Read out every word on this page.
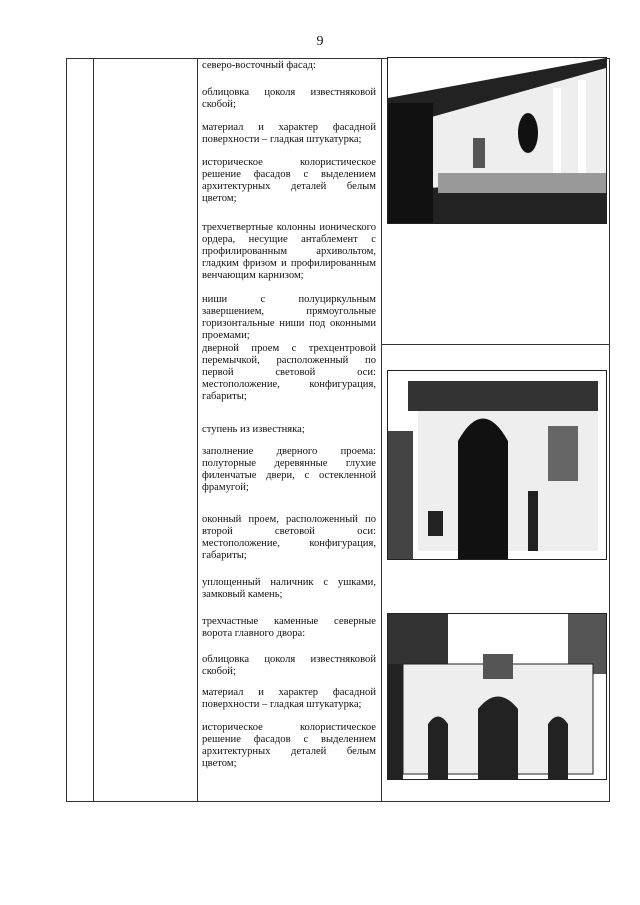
9
северо-восточный фасад:
облицовка цоколя известняковой скобой;
материал и характер фасадной поверхности – гладкая штукатурка;
историческое колористическое решение фасадов с выделением архитектурных деталей белым цветом;
трехчетвертные колонны ионического ордера, несущие антаблемент с профилированным архивольтом, гладким фризом и профилированным венчающим карнизом;
ниши с полуциркульным завершением, прямоугольные горизонтальные ниши под оконными проемами;
дверной проем с трехцентровой перемычкой, расположенный по первой световой оси: местоположение, конфигурация, габариты;
ступень из известняка;
заполнение дверного проема: полуторные деревянные глухие филенчатые двери, с остекленной фрамугой;
оконный проем, расположенный по второй световой оси: местоположение, конфигурация, габариты;
уплощенный наличник с ушками, замковый камень;
трехчастные каменные северные ворота главного двора:
облицовка цоколя известняковой скобой;
материал и характер фасадной поверхности – гладкая штукатурка;
историческое колористическое решение фасадов с выделением архитектурных деталей белым цветом;
